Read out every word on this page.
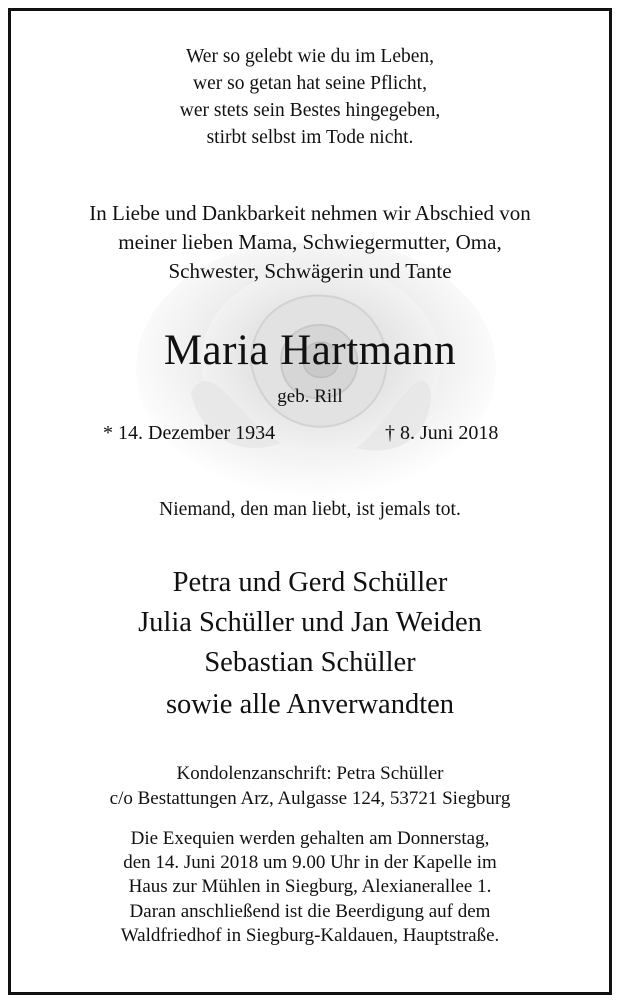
Wer so gelebt wie du im Leben,
wer so getan hat seine Pflicht,
wer stets sein Bestes hingegeben,
stirbt selbst im Tode nicht.
In Liebe und Dankbarkeit nehmen wir Abschied von
meiner lieben Mama, Schwiegermutter, Oma,
Schwester, Schwägerin und Tante
Maria Hartmann
geb. Rill
* 14. Dezember 1934	† 8. Juni 2018
Niemand, den man liebt, ist jemals tot.
Petra und Gerd Schüller
Julia Schüller und Jan Weiden
Sebastian Schüller
sowie alle Anverwandten
Kondolenzanschrift: Petra Schüller
c/o Bestattungen Arz, Aulgasse 124, 53721 Siegburg
Die Exequien werden gehalten am Donnerstag,
den 14. Juni 2018 um 9.00 Uhr in der Kapelle im
Haus zur Mühlen in Siegburg, Alexianerallee 1.
Daran anschließend ist die Beerdigung auf dem
Waldfriedhof in Siegburg-Kaldauen, Hauptstraße.
